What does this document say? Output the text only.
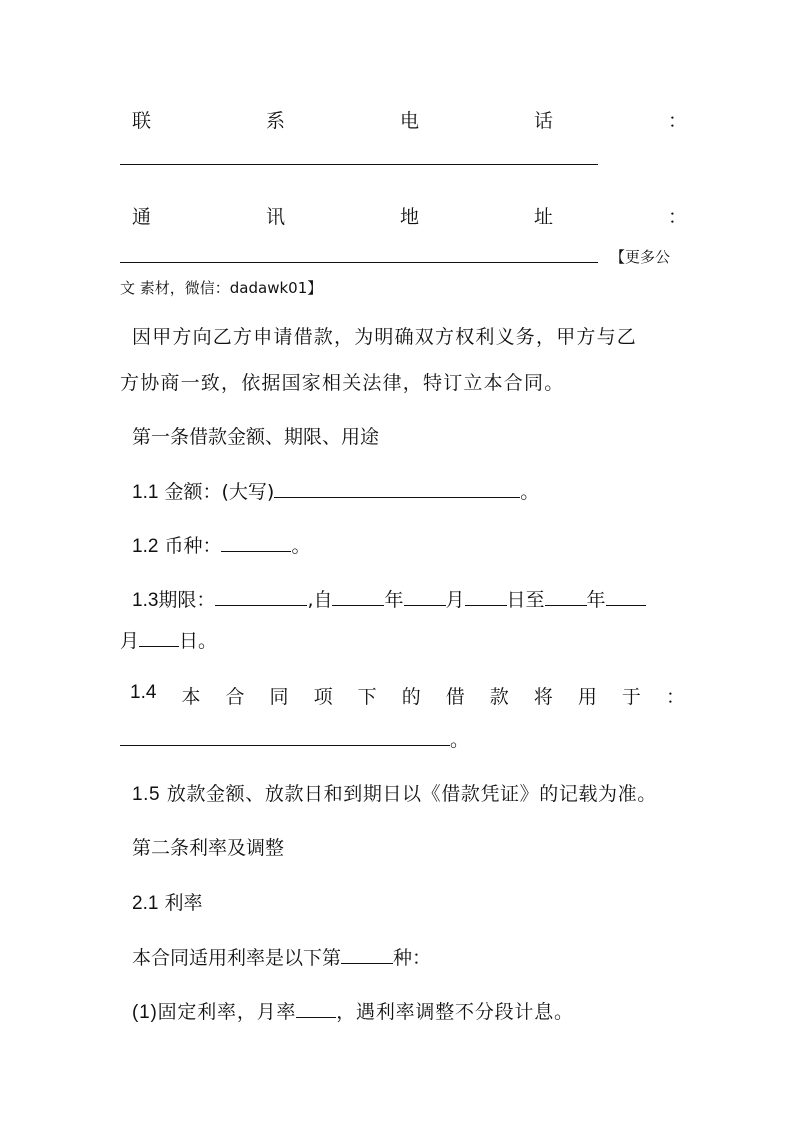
联	系	电	话	：
通	讯	地	址	：
【更多公
文 素材，微信：dadawk01】
因甲方向乙方申请借款，为明确双方权利义务，甲方与乙
方协商一致，依据国家相关法律，特订立本合同。
第一条借款金额、期限、用途
1.1 金额：(大写)	。
1.2 币种：	。
1.3期限：	,自	年 月 日至 年
月 日。
1.4 本 合 同 项 下 的 借 款 将 用 于 ：
。
1.5 放款金额、放款日和到期日以《借款凭证》的记载为准。
第二条利率及调整
2.1 利率
本合同适用利率是以下第	种：
(1)固定利率，月率 ，遇利率调整不分段计息。
